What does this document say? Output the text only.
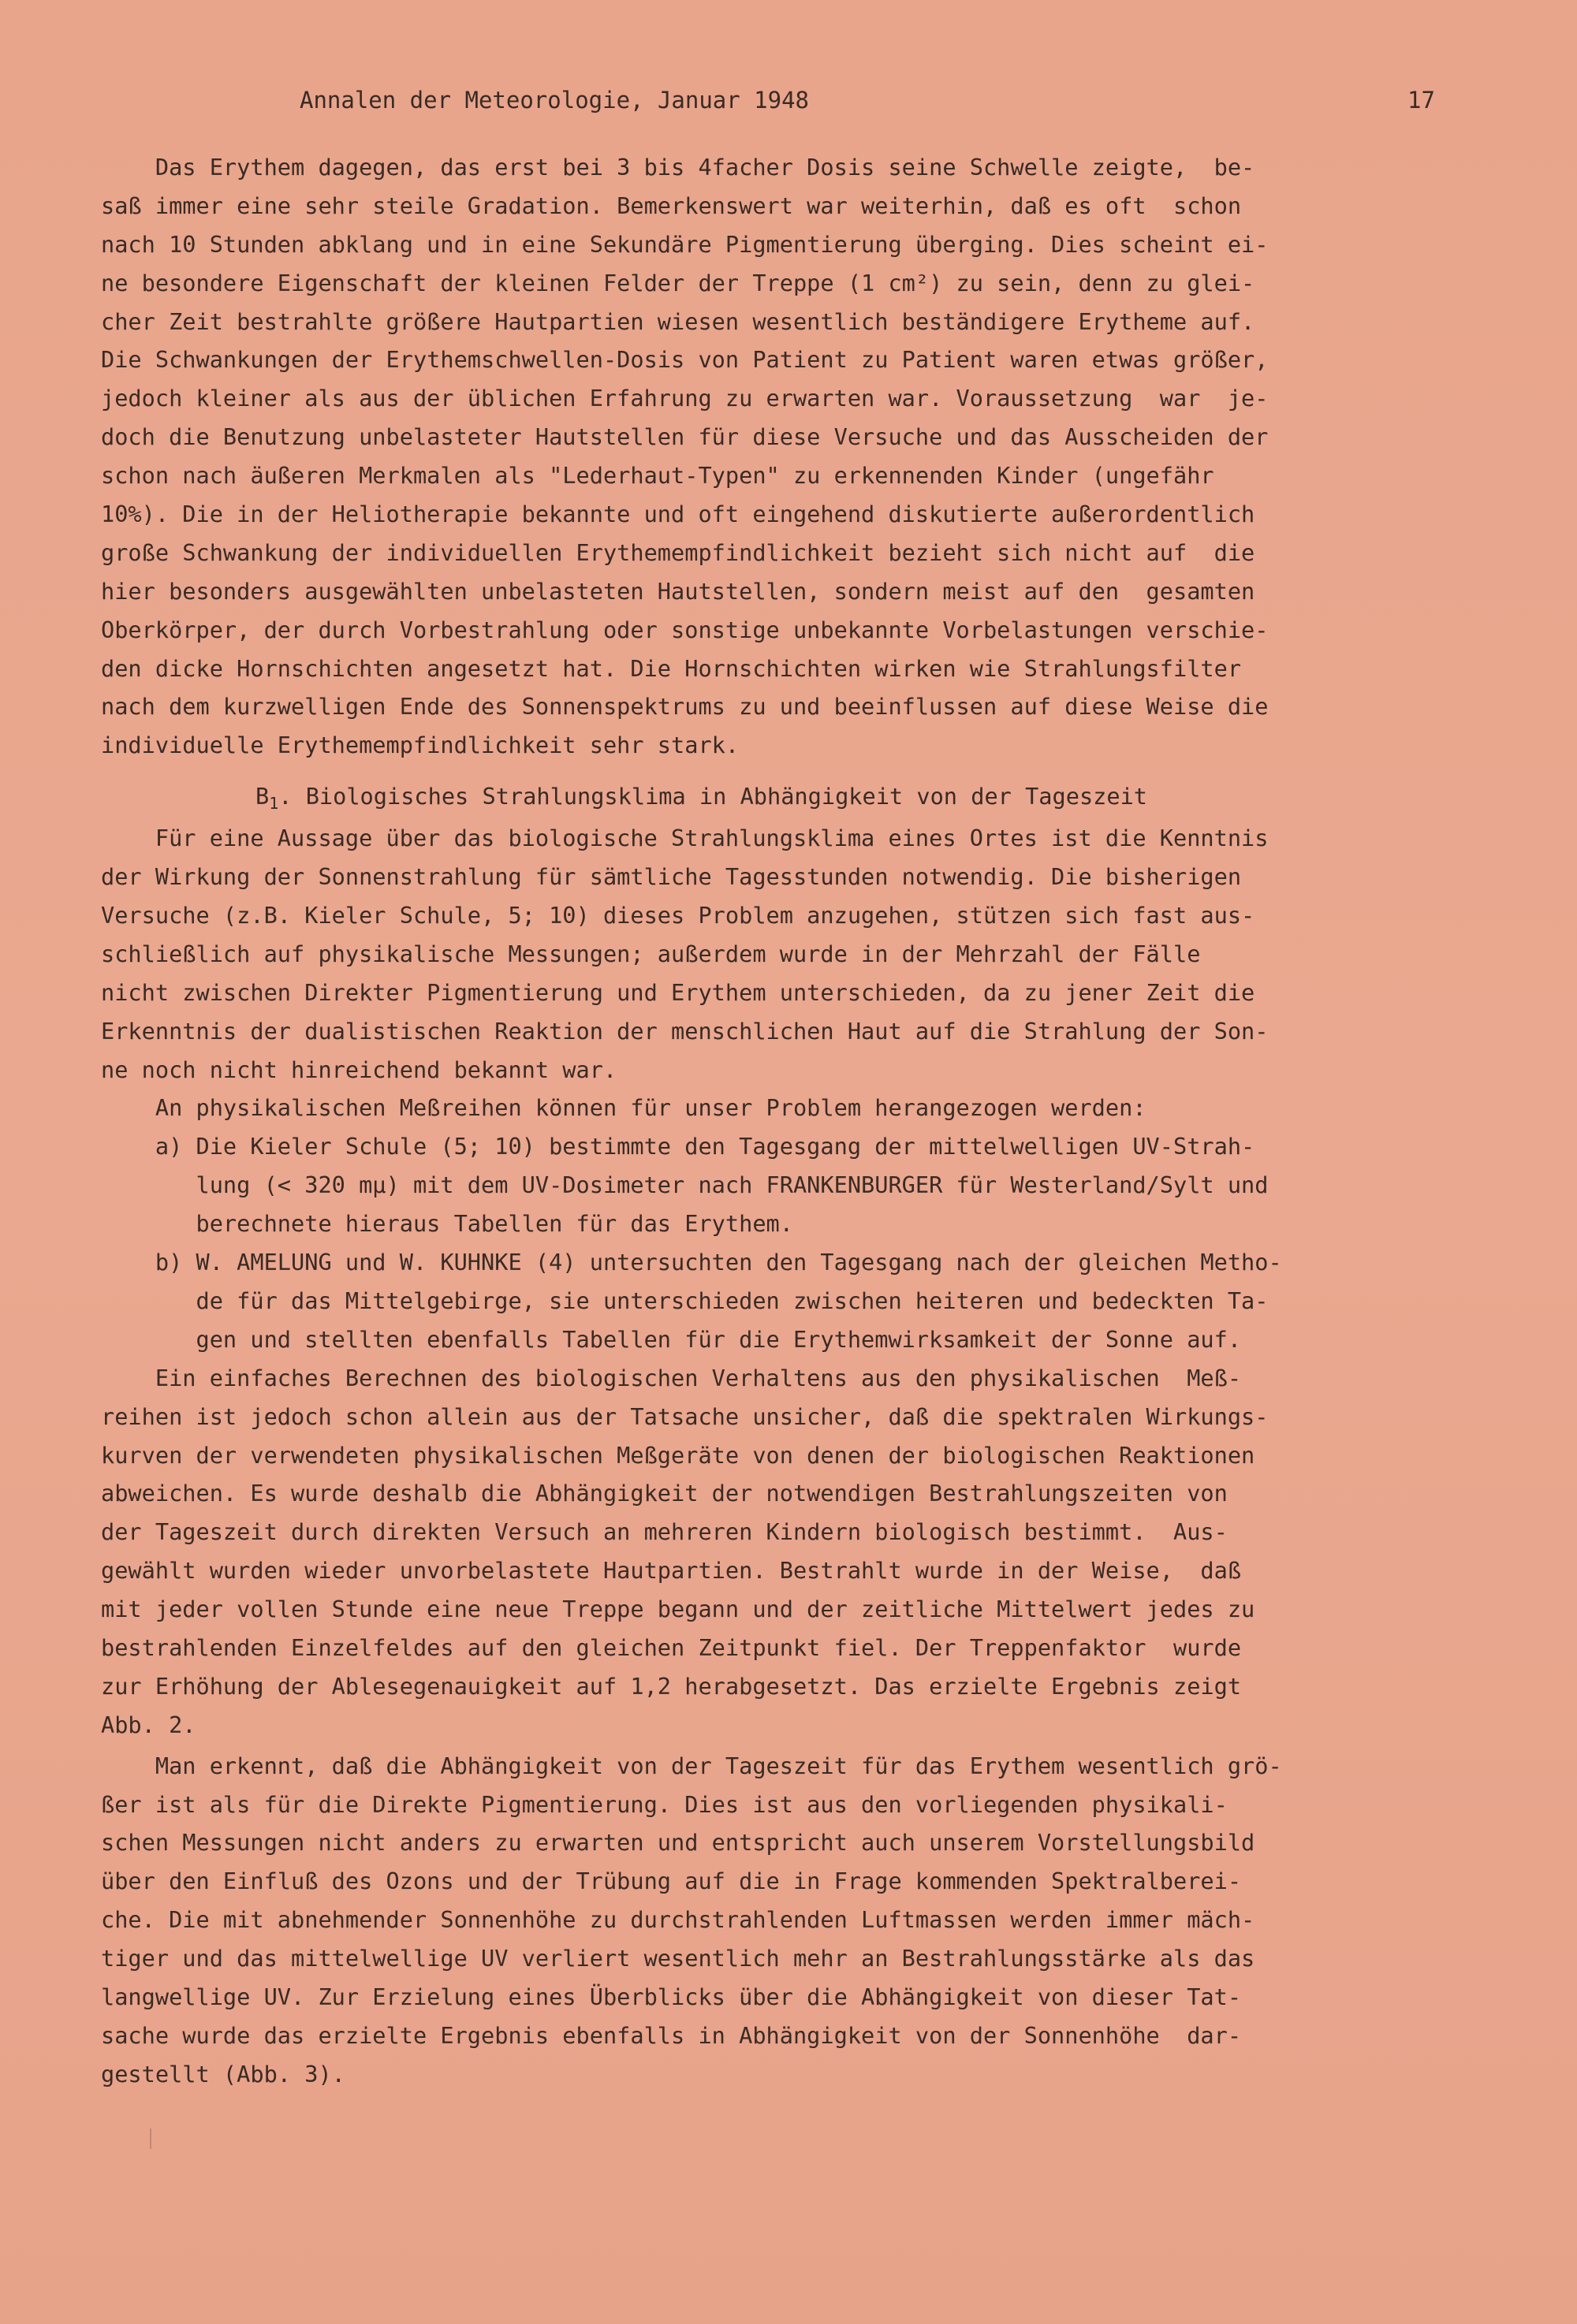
Annalen der Meteorologie, Januar 1948	17
Das Erythem dagegen, das erst bei 3 bis 4facher Dosis seine Schwelle zeigte,  be-
saß immer eine sehr steile Gradation. Bemerkenswert war weiterhin, daß es oft  schon
nach 10 Stunden abklang und in eine Sekundäre Pigmentierung überging. Dies scheint ei-
ne besondere Eigenschaft der kleinen Felder der Treppe (1 cm²) zu sein, denn zu glei-
cher Zeit bestrahlte größere Hautpartien wiesen wesentlich beständigere Erytheme auf.
Die Schwankungen der Erythemschwellen-Dosis von Patient zu Patient waren etwas größer,
jedoch kleiner als aus der üblichen Erfahrung zu erwarten war. Voraussetzung  war  je-
doch die Benutzung unbelasteter Hautstellen für diese Versuche und das Ausscheiden der
schon nach äußeren Merkmalen als "Lederhaut-Typen" zu erkennenden Kinder (ungefähr
10%). Die in der Heliotherapie bekannte und oft eingehend diskutierte außerordentlich
große Schwankung der individuellen Erythemempfindlichkeit bezieht sich nicht auf  die
hier besonders ausgewählten unbelasteten Hautstellen, sondern meist auf den  gesamten
Oberkörper, der durch Vorbestrahlung oder sonstige unbekannte Vorbelastungen verschie-
den dicke Hornschichten angesetzt hat. Die Hornschichten wirken wie Strahlungsfilter
nach dem kurzwelligen Ende des Sonnenspektrums zu und beeinflussen auf diese Weise die
individuelle Erythemempfindlichkeit sehr stark.
$B_1$. Biologisches Strahlungsklima in Abhängigkeit von der Tageszeit
Für eine Aussage über das biologische Strahlungsklima eines Ortes ist die Kenntnis
der Wirkung der Sonnenstrahlung für sämtliche Tagesstunden notwendig. Die bisherigen
Versuche (z.B. Kieler Schule, 5; 10) dieses Problem anzugehen, stützen sich fast aus-
schließlich auf physikalische Messungen; außerdem wurde in der Mehrzahl der Fälle
nicht zwischen Direkter Pigmentierung und Erythem unterschieden, da zu jener Zeit die
Erkenntnis der dualistischen Reaktion der menschlichen Haut auf die Strahlung der Son-
ne noch nicht hinreichend bekannt war.
An physikalischen Meßreihen können für unser Problem herangezogen werden:
a) Die Kieler Schule (5; 10) bestimmte den Tagesgang der mittelwelligen UV-Strah-
lung (< 320 mμ) mit dem UV-Dosimeter nach FRANKENBURGER für Westerland/Sylt und
berechnete hieraus Tabellen für das Erythem.
b) W. AMELUNG und W. KUHNKE (4) untersuchten den Tagesgang nach der gleichen Metho-
de für das Mittelgebirge, sie unterschieden zwischen heiteren und bedeckten Ta-
gen und stellten ebenfalls Tabellen für die Erythemwirksamkeit der Sonne auf.
Ein einfaches Berechnen des biologischen Verhaltens aus den physikalischen  Meß-
reihen ist jedoch schon allein aus der Tatsache unsicher, daß die spektralen Wirkungs-
kurven der verwendeten physikalischen Meßgeräte von denen der biologischen Reaktionen
abweichen. Es wurde deshalb die Abhängigkeit der notwendigen Bestrahlungszeiten von
der Tageszeit durch direkten Versuch an mehreren Kindern biologisch bestimmt.  Aus-
gewählt wurden wieder unvorbelastete Hautpartien. Bestrahlt wurde in der Weise,  daß
mit jeder vollen Stunde eine neue Treppe begann und der zeitliche Mittelwert jedes zu
bestrahlenden Einzelfeldes auf den gleichen Zeitpunkt fiel. Der Treppenfaktor  wurde
zur Erhöhung der Ablesegenauigkeit auf 1,2 herabgesetzt. Das erzielte Ergebnis zeigt
Abb. 2.
Man erkennt, daß die Abhängigkeit von der Tageszeit für das Erythem wesentlich grö-
ßer ist als für die Direkte Pigmentierung. Dies ist aus den vorliegenden physikali-
schen Messungen nicht anders zu erwarten und entspricht auch unserem Vorstellungsbild
über den Einfluß des Ozons und der Trübung auf die in Frage kommenden Spektralberei-
che. Die mit abnehmender Sonnenhöhe zu durchstrahlenden Luftmassen werden immer mäch-
tiger und das mittelwellige UV verliert wesentlich mehr an Bestrahlungsstärke als das
langwellige UV. Zur Erzielung eines Überblicks über die Abhängigkeit von dieser Tat-
sache wurde das erzielte Ergebnis ebenfalls in Abhängigkeit von der Sonnenhöhe  dar-
gestellt (Abb. 3).
